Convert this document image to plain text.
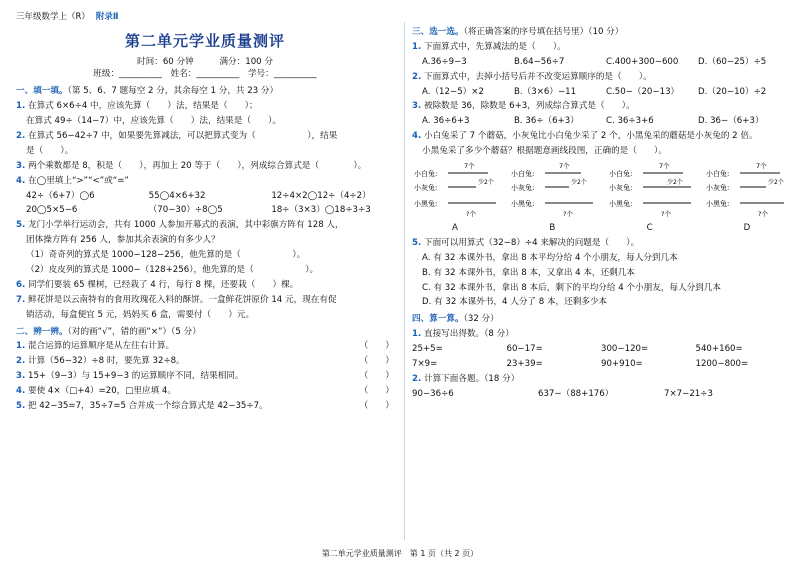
三年级数学上（R） 附录Ⅱ
第二单元学业质量测评
时间：60 分钟　　　满分：100 分
班级：__________　姓名：__________　学号：__________
一、填一填。（第 5、6、7 题每空 2 分，其余每空 1 分，共 23 分）
1. 在算式 6×6÷4 中，应该先算（　　）法，结果是（　　）；
在算式 49÷（14−7）中，应该先算（　　）法，结果是（　　）。
2. 在算式 56−42÷7 中，如果要先算减法，可以把算式变为（　　　　　　），结果
是（　　）。
3. 两个乘数都是 8，积是（　　），再加上 20 等于（　　），列成综合算式是（　　　　）。
4. 在◯里填上“>”“<”或“=”
42÷（6+7）◯6	55◯4×6+32	12÷4×2◯12÷（4÷2）
20◯5×5−6	（70−30）÷8◯5	18÷（3×3）◯18÷3÷3
5. 龙门小学举行运动会，共有 1000 人参加开幕式的表演，其中彩旗方阵有 128 人，
团体操方阵有 256 人，参加其余表演的有多少人？
（1）奇奇列的算式是 1000−128−256，他先算的是（　　　　　　）。
（2）皮皮列的算式是 1000−（128+256），他先算的是（　　　　　　）。
6. 同学们要装 65 棵树，已经栽了 4 行，每行 8 棵，还要栽（　　）棵。
7. 鲜花饼是以云南特有的食用玫瑰花入料的酥饼。一盒鲜花饼原价 14 元，现在有促
销活动，每盒便宜 5 元，妈妈买 6 盒，需要付（　　）元。
二、辨一辨。（对的画“√”，错的画“×”）（5 分）
1. 混合运算的运算顺序是从左往右计算。	（　　）
2. 计算（56−32）÷8 时，要先算 32÷8。	（　　）
3. 15+（9−3）与 15+9−3 的运算顺序不同，结果相同。	（　　）
4. 要使 4×（□+4）=20，□里应填 4。	（　　）
5. 把 42−35=7，35÷7=5 合并成一个综合算式是 42−35÷7。	（　　）
三、选一选。（将正确答案的序号填在括号里）（10 分）
1. 下面算式中，先算减法的是（　　）。
A.36÷9−3	B.64−56÷7	C.400+300−600	D.（60−25）÷5
2. 下面算式中，去掉小括号后并不改变运算顺序的是（　　）。
A.（12−5）×2	B.（3×6）−11	C.50−（20−13）	D.（20−10）÷2
3. 被除数是 36，除数是 6+3，列成综合算式是（　　）。
A. 36÷6+3	B. 36÷（6+3）	C. 36÷3+6	D. 36−（6+3）
4. 小白兔采了 7 个蘑菇，小灰兔比小白兔少采了 2 个，小黑兔采的蘑菇是小灰兔的 2 倍。
小黑兔采了多少个蘑菇？根据题意画线段图，正确的是（　　）。
小白兔:
小灰兔:
小黑兔:
7个
少2个
?个
A
小白兔:
小灰兔:
小黑兔:
7个
少2个
?个
B
小白兔:
小灰兔:
小黑兔:
7个
少2个
?个
C
小白兔:
小灰兔:
小黑兔:
7个
少2个
?个
D
5. 下面可以用算式（32−8）÷4 来解决的问题是（　　）。
A. 有 32 本课外书，拿出 8 本平均分给 4 个小朋友，每人分到几本
B. 有 32 本课外书，拿出 8 本，又拿出 4 本，还剩几本
C. 有 32 本课外书，拿出 8 本后，剩下的平均分给 4 个小朋友，每人分到几本
D. 有 32 本课外书，4 人分了 8 本，还剩多少本
四、算一算。（32 分）
1. 直接写出得数。（8 分）
25+5=	60−17=	300−120=	540+160=
7×9=	23+39=	90+910=	1200−800=
2. 计算下面各题。（18 分）
90−36÷6	637−（88+176）	7×7−21÷3
第二单元学业质量测评　第 1 页（共 2 页）
